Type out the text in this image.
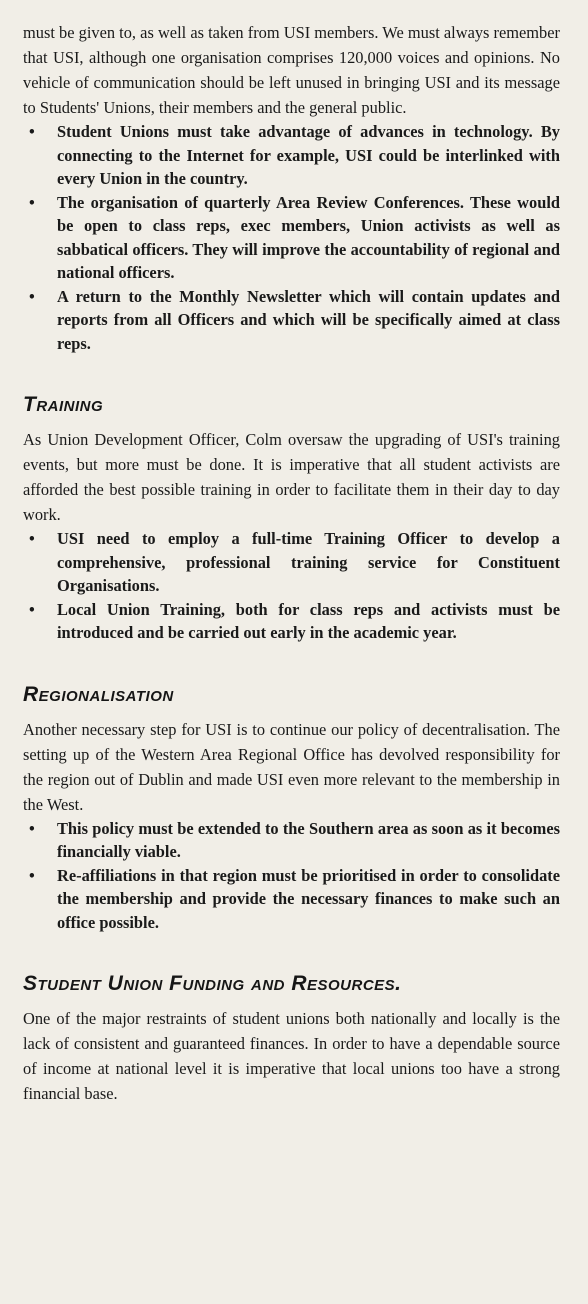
must be given to, as well as taken from USI members. We must always remember that USI, although one organisation comprises 120,000 voices and opinions. No vehicle of communication should be left unused in bringing USI and its message to Students' Unions, their members and the general public.

• Student Unions must take advantage of advances in technology. By connecting to the Internet for example, USI could be interlinked with every Union in the country.
• The organisation of quarterly Area Review Conferences. These would be open to class reps, exec members, Union activists as well as sabbatical officers. They will improve the accountability of regional and national officers.
• A return to the Monthly Newsletter which will contain updates and reports from all Officers and which will be specifically aimed at class reps.
Training

As Union Development Officer, Colm oversaw the upgrading of USI's training events, but more must be done. It is imperative that all student activists are afforded the best possible training in order to facilitate them in their day to day work.

• USI need to employ a full-time Training Officer to develop a comprehensive, professional training service for Constituent Organisations.
• Local Union Training, both for class reps and activists must be introduced and be carried out early in the academic year.
Regionalisation

Another necessary step for USI is to continue our policy of decentralisation. The setting up of the Western Area Regional Office has devolved responsibility for the region out of Dublin and made USI even more relevant to the membership in the West.

• This policy must be extended to the Southern area as soon as it becomes financially viable.
• Re-affiliations in that region must be prioritised in order to consolidate the membership and provide the necessary finances to make such an office possible.
Student Union Funding and Resources.

One of the major restraints of student unions both nationally and locally is the lack of consistent and guaranteed finances. In order to have a dependable source of income at national level it is imperative that local unions too have a strong financial base.
